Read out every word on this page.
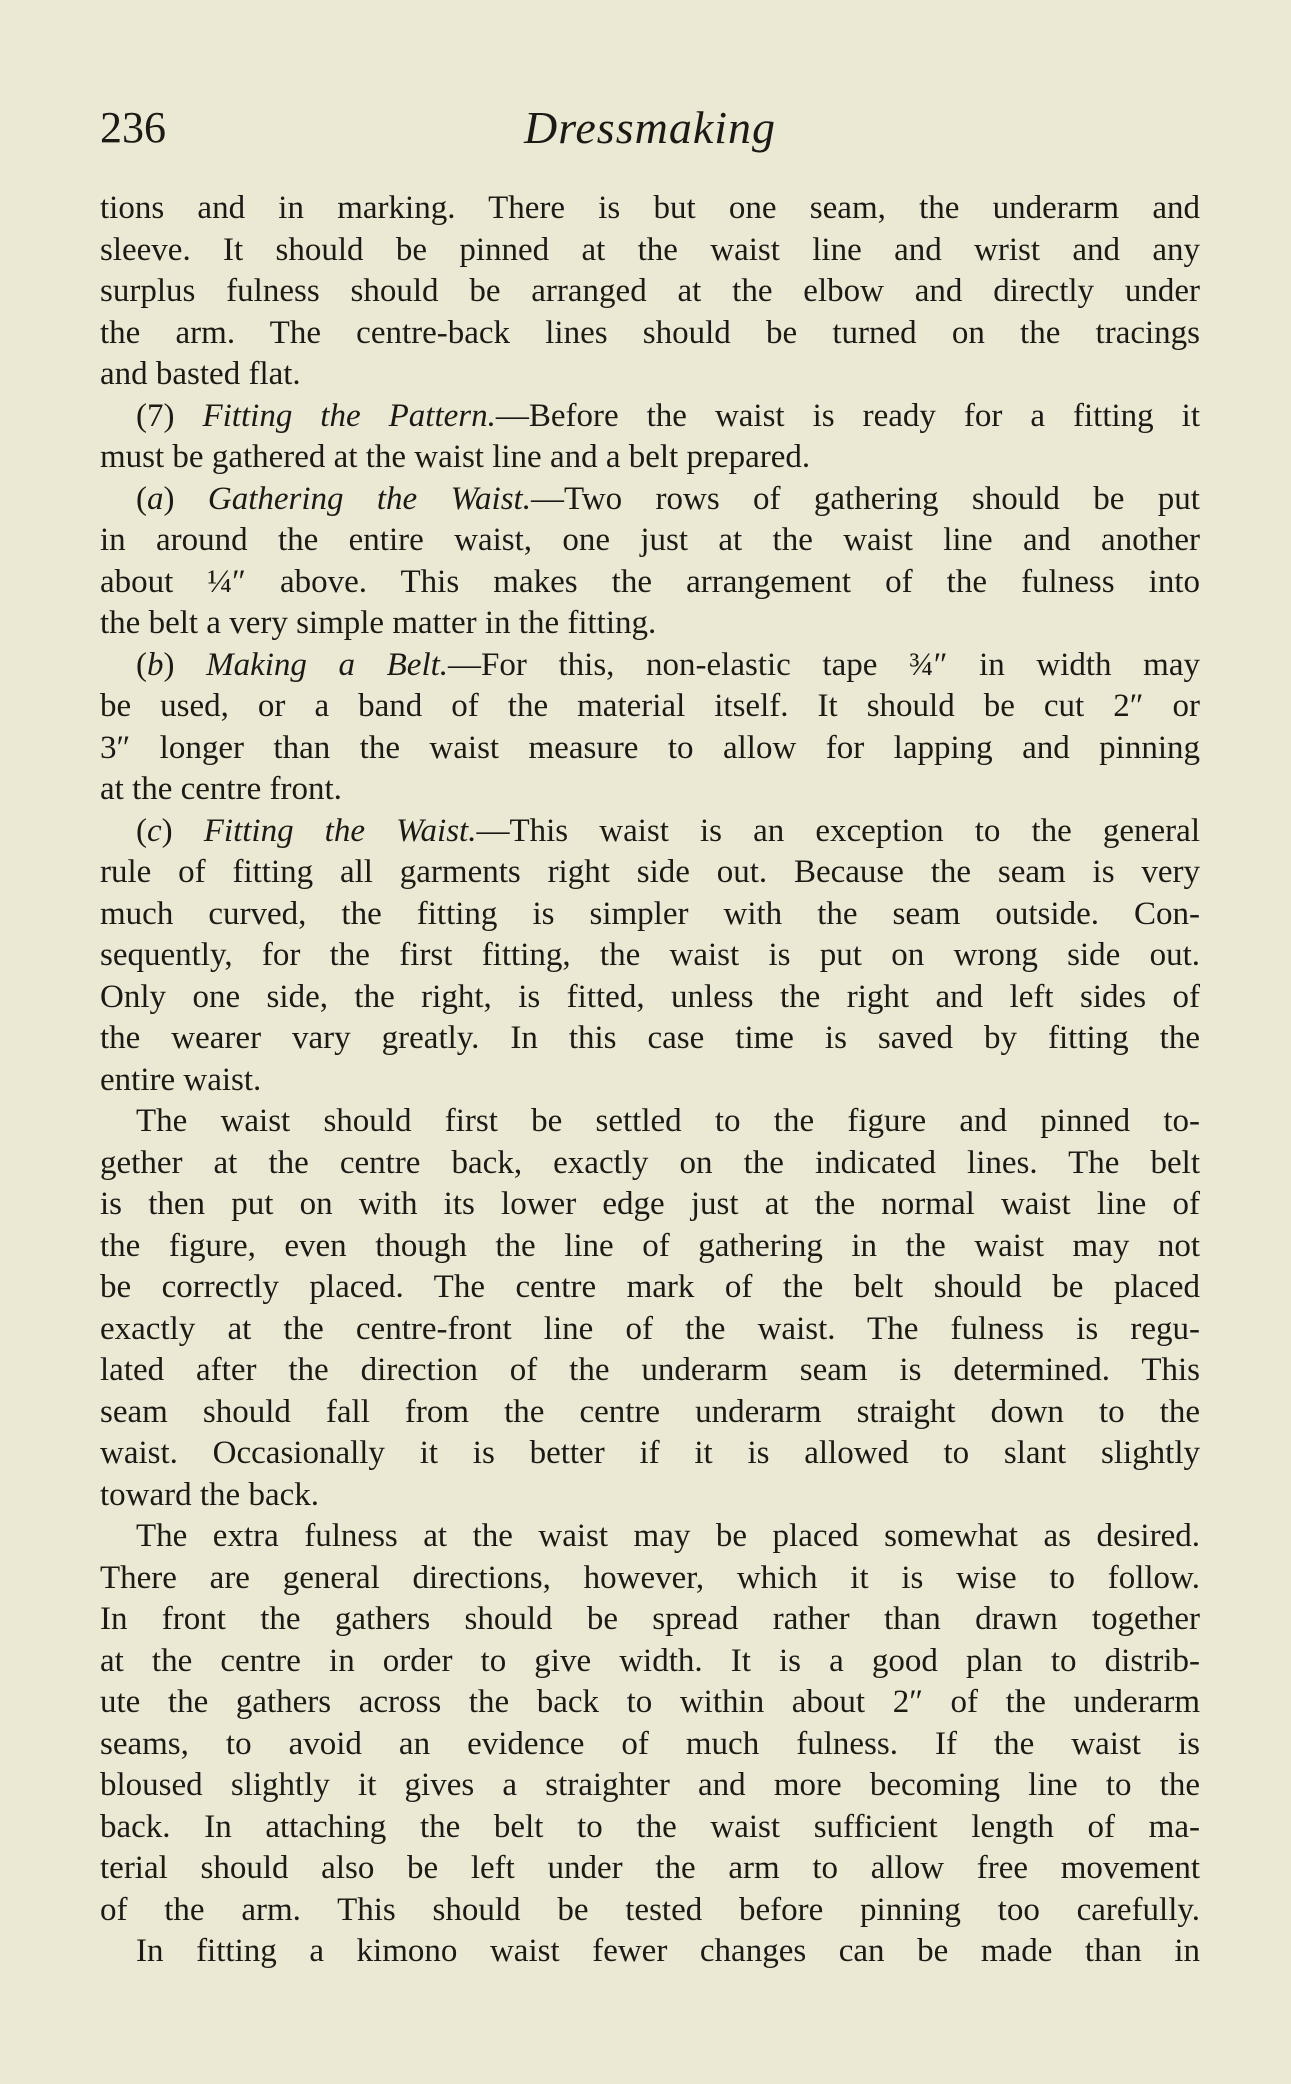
236	Dressmaking
tions and in marking. There is but one seam, the underarm and
sleeve. It should be pinned at the waist line and wrist and any
surplus fulness should be arranged at the elbow and directly under
the arm. The centre-back lines should be turned on the tracings
and basted flat.
(7) Fitting the Pattern.—Before the waist is ready for a fitting it
must be gathered at the waist line and a belt prepared.
(a) Gathering the Waist.—Two rows of gathering should be put
in around the entire waist, one just at the waist line and another
about ¼″ above. This makes the arrangement of the fulness into
the belt a very simple matter in the fitting.
(b) Making a Belt.—For this, non-elastic tape ¾″ in width may
be used, or a band of the material itself. It should be cut 2″ or
3″ longer than the waist measure to allow for lapping and pinning
at the centre front.
(c) Fitting the Waist.—This waist is an exception to the general
rule of fitting all garments right side out. Because the seam is very
much curved, the fitting is simpler with the seam outside. Con-
sequently, for the first fitting, the waist is put on wrong side out.
Only one side, the right, is fitted, unless the right and left sides of
the wearer vary greatly. In this case time is saved by fitting the
entire waist.
The waist should first be settled to the figure and pinned to-
gether at the centre back, exactly on the indicated lines. The belt
is then put on with its lower edge just at the normal waist line of
the figure, even though the line of gathering in the waist may not
be correctly placed. The centre mark of the belt should be placed
exactly at the centre-front line of the waist. The fulness is regu-
lated after the direction of the underarm seam is determined. This
seam should fall from the centre underarm straight down to the
waist. Occasionally it is better if it is allowed to slant slightly
toward the back.
The extra fulness at the waist may be placed somewhat as desired.
There are general directions, however, which it is wise to follow.
In front the gathers should be spread rather than drawn together
at the centre in order to give width. It is a good plan to distrib-
ute the gathers across the back to within about 2″ of the underarm
seams, to avoid an evidence of much fulness. If the waist is
bloused slightly it gives a straighter and more becoming line to the
back. In attaching the belt to the waist sufficient length of ma-
terial should also be left under the arm to allow free movement
of the arm. This should be tested before pinning too carefully.
In fitting a kimono waist fewer changes can be made than in
